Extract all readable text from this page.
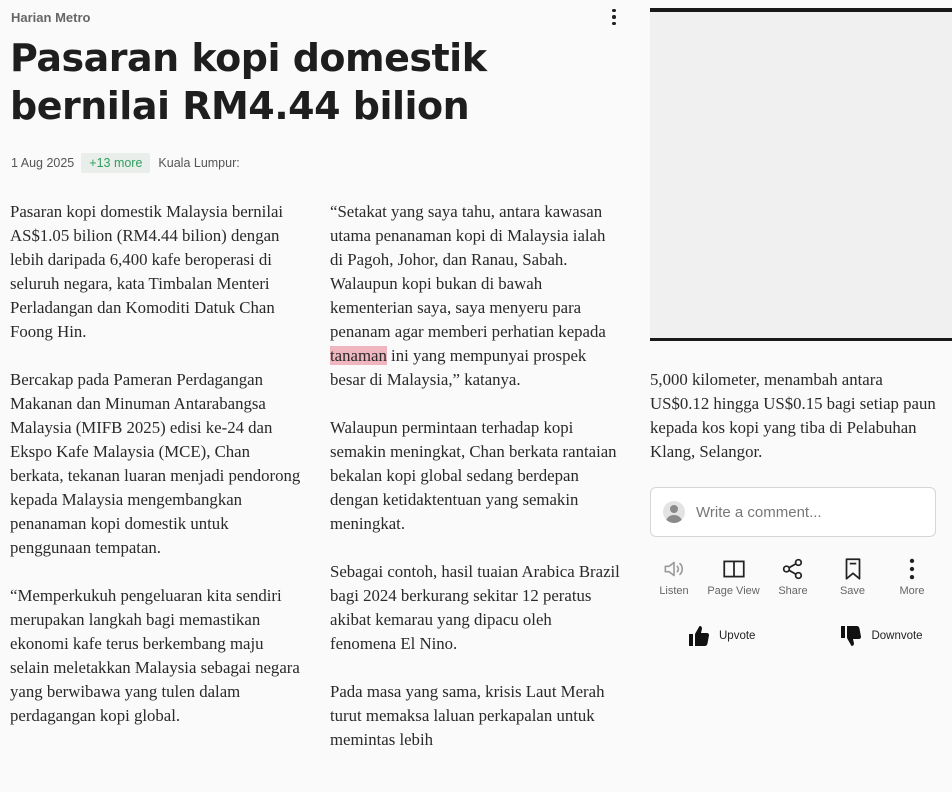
Harian Metro
Pasaran kopi domestik bernilai RM4.44 bilion
1 Aug 2025	+13 more	Kuala Lumpur:

Pasaran kopi domestik Malaysia bernilai AS$1.05 bilion (RM4.44 bilion) dengan lebih daripada 6,400 kafe beroperasi di seluruh negara, kata Timbalan Menteri Perladangan dan Komoditi Datuk Chan Foong Hin.

Bercakap pada Pameran Perdagangan Makanan dan Minuman Antarabangsa Malaysia (MIFB 2025) edisi ke-24 dan Ekspo Kafe Malaysia (MCE), Chan berkata, tekanan luaran menjadi pendorong kepada Malaysia mengembangkan penanaman kopi domestik untuk penggunaan tempatan.

“Memperkukuh pengeluaran kita sendiri merupakan langkah bagi memastikan ekonomi kafe terus berkembang maju selain meletakkan Malaysia sebagai negara yang berwibawa yang tulen dalam perdagangan kopi global.

“Setakat yang saya tahu, antara kawasan utama penanaman kopi di Malaysia ialah di Pagoh, Johor, dan Ranau, Sabah. Walaupun kopi bukan di bawah kementerian saya, saya menyeru para penanam agar memberi perhatian kepada tanaman ini yang mempunyai prospek besar di Malaysia,” katanya.

Walaupun permintaan terhadap kopi semakin meningkat, Chan berkata rantaian bekalan kopi global sedang berdepan dengan ketidaktentuan yang semakin meningkat.

Sebagai contoh, hasil tuaian Arabica Brazil bagi 2024 berkurang sekitar 12 peratus akibat kemarau yang dipacu oleh fenomena El Nino.

Pada masa yang sama, krisis Laut Merah turut memaksa laluan perkapalan untuk memintas lebih

5,000 kilometer, menambah antara US$0.12 hingga US$0.15 bagi setiap paun kepada kos kopi yang tiba di Pelabuhan Klang, Selangor.

Write a comment...
Listen Page View Share	Save	More
Upvote	Downvote
